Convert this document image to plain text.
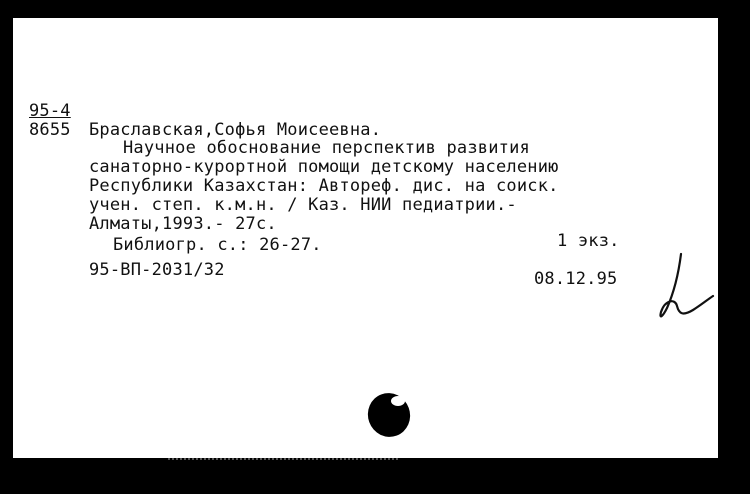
95-4
8655 Браславская,Софья Моисеевна.
Научное обоснование перспектив развития
санаторно-курортной помощи детскому населению
Республики Казахстан: Автореф. дис. на соиск.
учен. степ. к.м.н. / Каз. НИИ педиатрии.-
Алматы,1993.- 27с.
Библиогр. с.: 26-27.	1 экз.
95-ВП-2031/32	08.12.95
